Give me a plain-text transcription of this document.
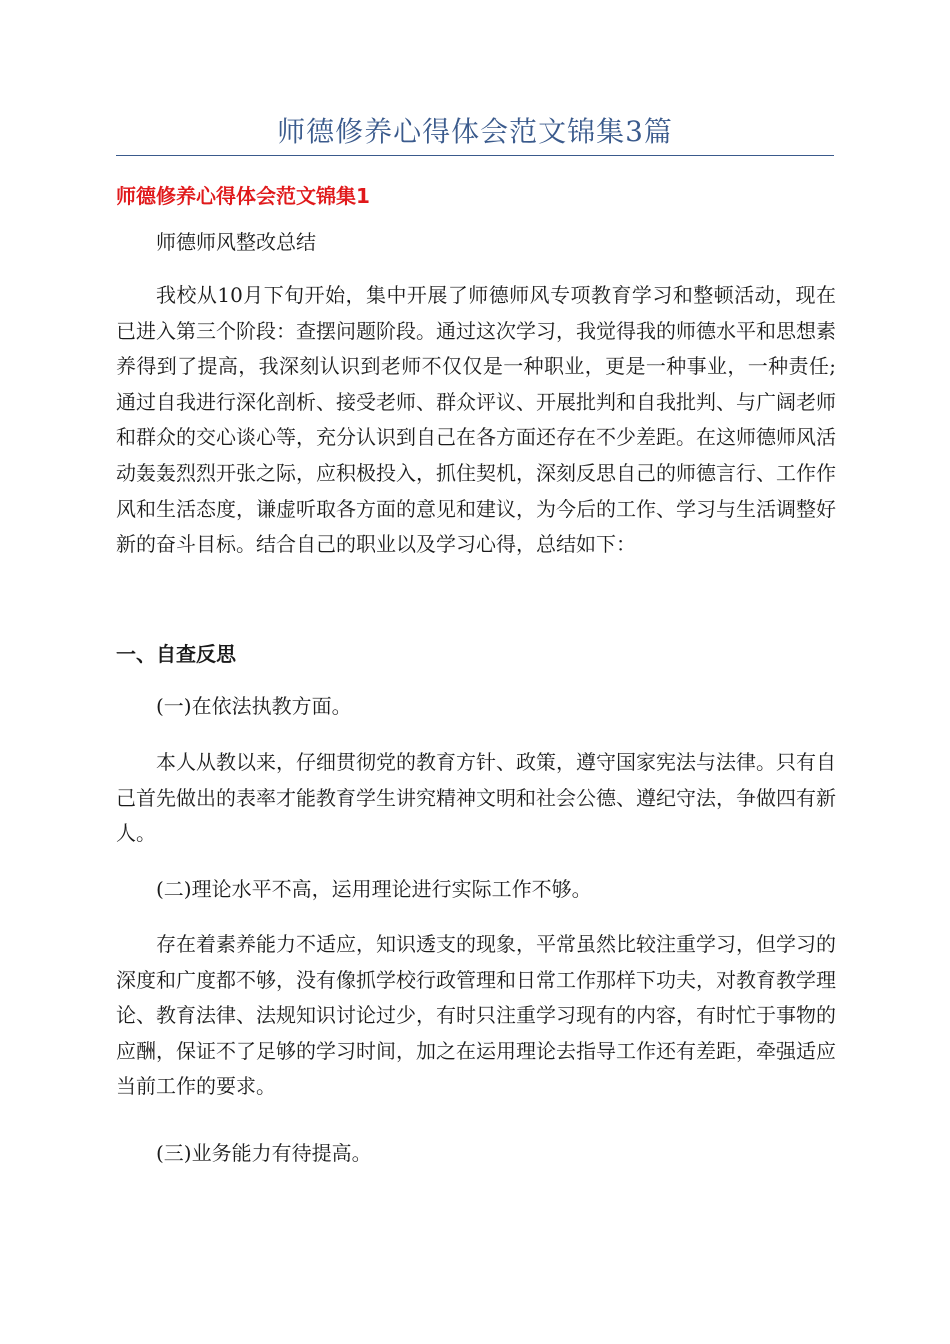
师德修养心得体会范文锦集3篇
师德修养心得体会范文锦集1

师德师风整改总结

我校从10月下旬开始，集中开展了师德师风专项教育学习和整顿活动，现在已进入第三个阶段：查摆问题阶段。通过这次学习，我觉得我的师德水平和思想素养得到了提高，我深刻认识到老师不仅仅是一种职业，更是一种事业，一种责任;通过自我进行深化剖析、接受老师、群众评议、开展批判和自我批判、与广阔老师和群众的交心谈心等，充分认识到自己在各方面还存在不少差距。在这师德师风活动轰轰烈烈开张之际，应积极投入，抓住契机，深刻反思自己的师德言行、工作作风和生活态度，谦虚听取各方面的意见和建议，为今后的工作、学习与生活调整好新的奋斗目标。结合自己的职业以及学习心得，总结如下：

一、自查反思

(一)在依法执教方面。

本人从教以来，仔细贯彻党的教育方针、政策，遵守国家宪法与法律。只有自己首先做出的表率才能教育学生讲究精神文明和社会公德、遵纪守法，争做四有新人。

(二)理论水平不高，运用理论进行实际工作不够。

存在着素养能力不适应，知识透支的现象，平常虽然比较注重学习，但学习的深度和广度都不够，没有像抓学校行政管理和日常工作那样下功夫，对教育教学理论、教育法律、法规知识讨论过少，有时只注重学习现有的内容，有时忙于事物的应酬，保证不了足够的学习时间，加之在运用理论去指导工作还有差距，牵强适应当前工作的要求。

(三)业务能力有待提高。
